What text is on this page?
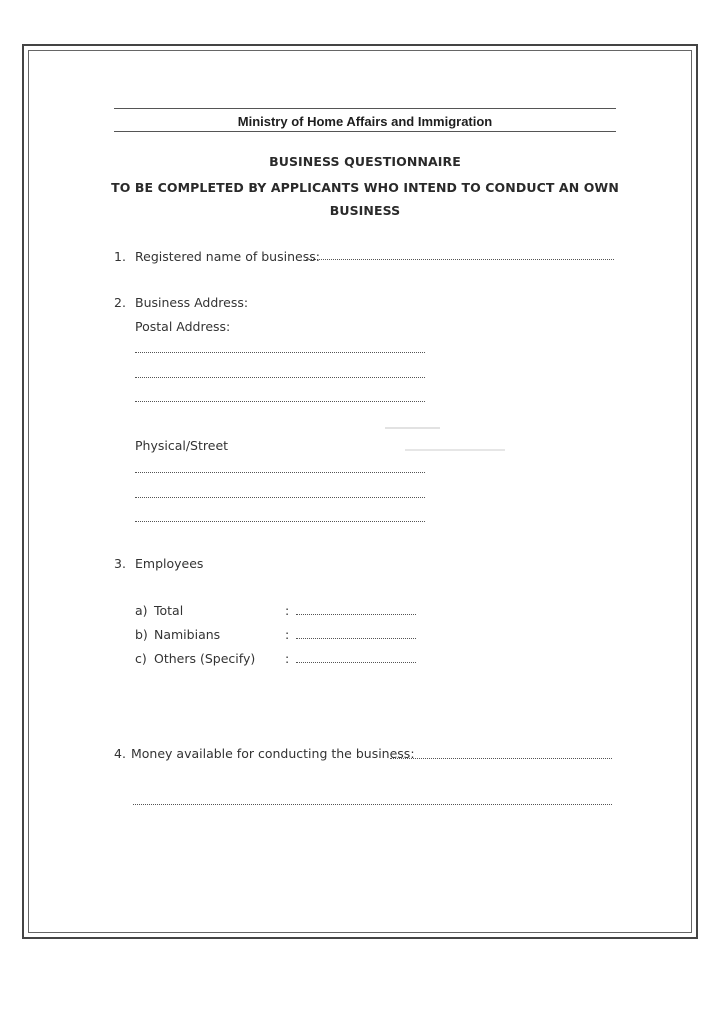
Ministry of Home Affairs and Immigration
BUSINESS QUESTIONNAIRE
TO BE COMPLETED BY APPLICANTS WHO INTEND TO CONDUCT AN OWN
BUSINESS
1. Registered name of business:
2. Business Address:
Postal Address:
Physical/Street
3. Employees
a) Total	:
b) Namibians	:
c) Others (Specify) :
4. Money available for conducting the business:
